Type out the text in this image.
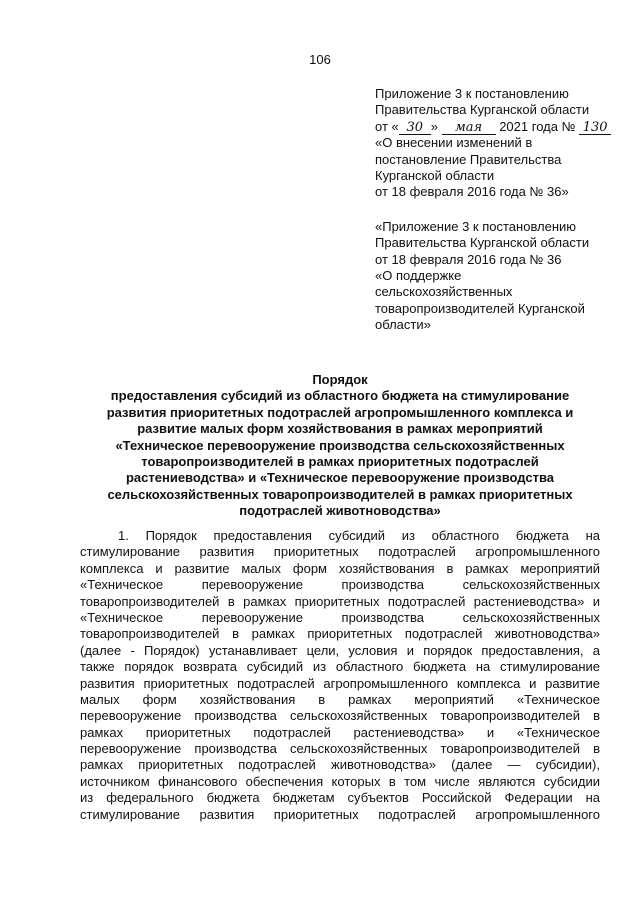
106
Приложение 3 к постановлению
Правительства Курганской области
от « 30 » мая 2021 года № 130
«О внесении изменений в
постановление Правительства
Курганской области
от 18 февраля 2016 года № 36»
«Приложение 3 к постановлению
Правительства Курганской области
от 18 февраля 2016 года № 36
«О поддержке
сельскохозяйственных
товаропроизводителей Курганской
области»
Порядок
предоставления субсидий из областного бюджета на стимулирование
развития приоритетных подотраслей агропромышленного комплекса и
развитие малых форм хозяйствования в рамках мероприятий
«Техническое перевооружение производства сельскохозяйственных
товаропроизводителей в рамках приоритетных подотраслей
растениеводства» и «Техническое перевооружение производства
сельскохозяйственных товаропроизводителей в рамках приоритетных
подотраслей животноводства»
1. Порядок предоставления субсидий из областного бюджета на
стимулирование развития приоритетных подотраслей агропромышленного
комплекса и развитие малых форм хозяйствования в рамках мероприятий
«Техническое перевооружение производства сельскохозяйственных
товаропроизводителей в рамках приоритетных подотраслей растениеводства» и
«Техническое перевооружение производства сельскохозяйственных
товаропроизводителей в рамках приоритетных подотраслей животноводства»
(далее - Порядок) устанавливает цели, условия и порядок предоставления, а
также порядок возврата субсидий из областного бюджета на стимулирование
развития приоритетных подотраслей агропромышленного комплекса и развитие
малых форм хозяйствования в рамках мероприятий «Техническое
перевооружение производства сельскохозяйственных товаропроизводителей в
рамках приоритетных подотраслей растениеводства» и «Техническое
перевооружение производства сельскохозяйственных товаропроизводителей в
рамках приоритетных подотраслей животноводства» (далее — субсидии),
источником финансового обеспечения которых в том числе являются субсидии
из федерального бюджета бюджетам субъектов Российской Федерации на
стимулирование развития приоритетных подотраслей агропромышленного
